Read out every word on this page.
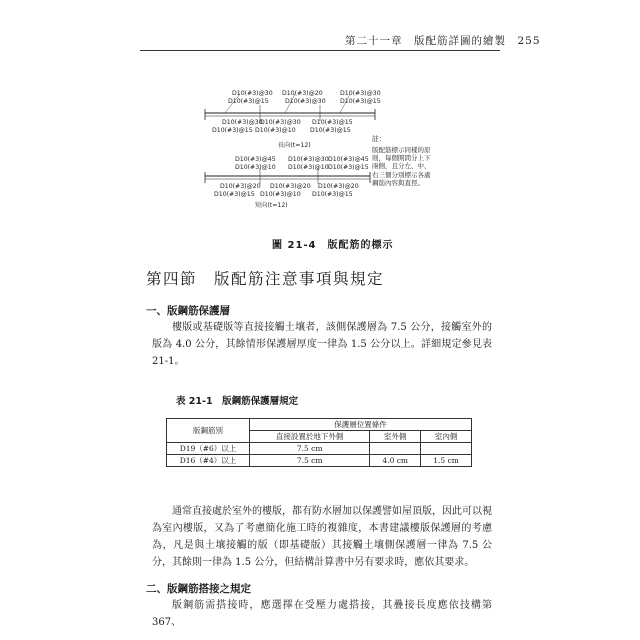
第二十一章　版配筋詳圖的繪製　255
D10(#3)@30 D10(#3)@20	D10(#3)@30
D10(#3)@15	D10(#3)@30 D10(#3)@15
D10(#3)@30
D10(#3)@30 D10(#3)@15
D10(#3)@15 D10(#3)@10 D10(#3)@15
長向(t=12)
D10(#3)@45 D10(#3)@30 D10(#3)@45
D10(#3)@10 D10(#3)@10 D10(#3)@15
D10(#3)@20 D10(#3)@20 D10(#3)@20
D10(#3)@15 D10(#3)@10 D10(#3)@15
短向(t=12)
註：
版配筋標示同樣的原則，每個開間分上下兩側，且分左、中、右三個分別標示各處鋼筋內容與直徑。
圖 21-4　版配筋的標示
第四節　版配筋注意事項與規定
一、版鋼筋保護層
樓版或基礎版等直接接觸土壤者，該側保護層為 7.5 公分，接觸室外的版為 4.0 公分，其餘情形保護層厚度一律為 1.5 公分以上。詳細規定參見表 21-1。
表 21-1　版鋼筋保護層規定
版鋼筋別	保護層位置條件		
	直接設置於地下外側	室外側	室內側
D19（#6）以上	7.5 cm		
D16（#4）以上	7.5 cm	4.0 cm	1.5 cm
通常直接處於室外的樓版，都有防水層加以保護譬如屋頂版，因此可以視為室內樓版，又為了考慮簡化施工時的複雜度，本書建議樓版保護層的考慮為，凡是與土壤接觸的版（即基礎版）其接觸土壤側保護層一律為 7.5 公分，其餘則一律為 1.5 公分，但結構計算書中另有要求時，應依其要求。
二、版鋼筋搭接之規定
版鋼筋需搭接時，應選擇在受壓力處搭接，其疊接長度應依技構第 367、
